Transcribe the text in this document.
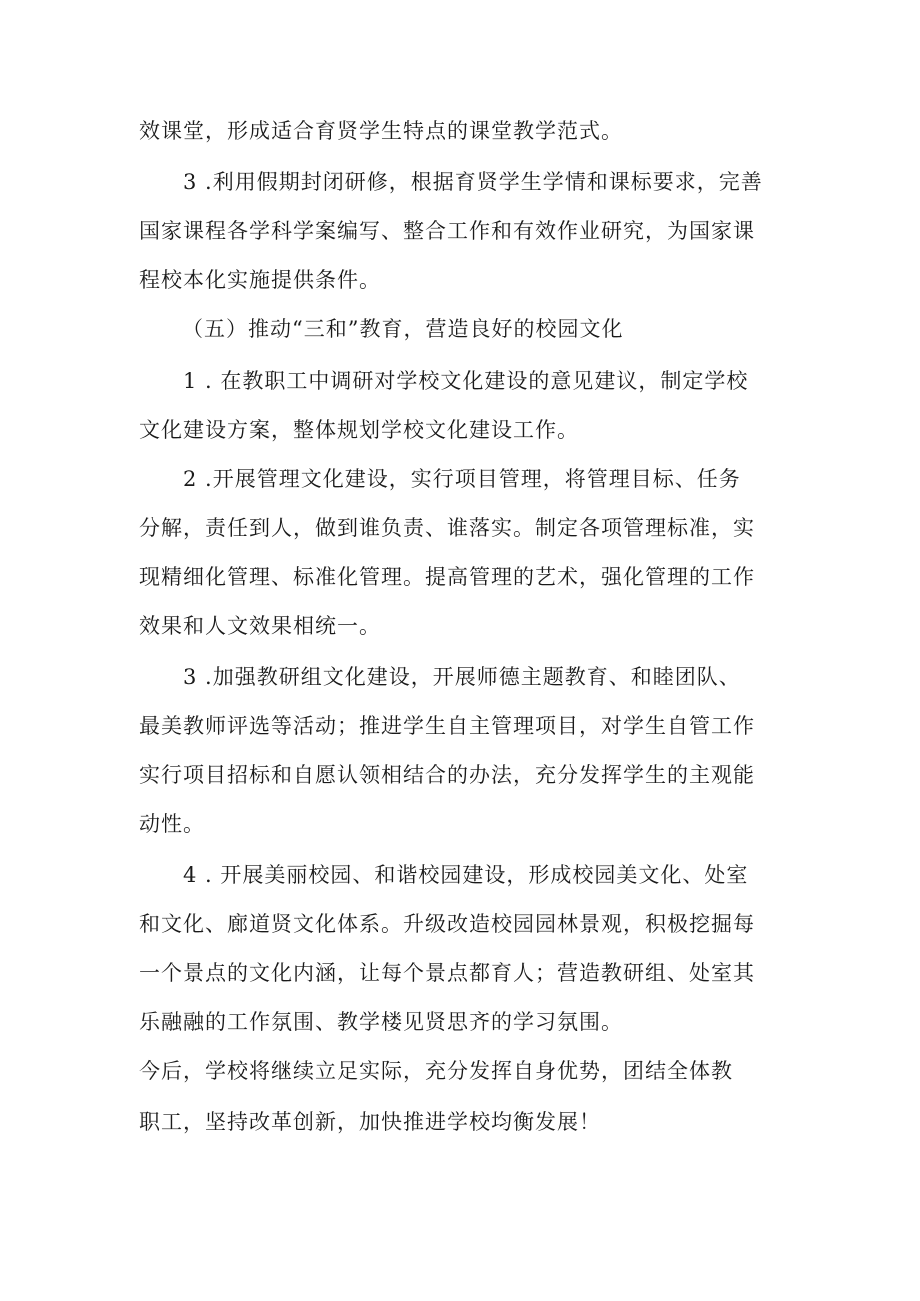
效课堂，形成适合育贤学生特点的课堂教学范式。
3 .利用假期封闭研修，根据育贤学生学情和课标要求，完善
国家课程各学科学案编写、整合工作和有效作业研究，为国家课
程校本化实施提供条件。
（五）推动“三和”教育，营造良好的校园文化
1 . 在教职工中调研对学校文化建设的意见建议，制定学校
文化建设方案，整体规划学校文化建设工作。
2 .开展管理文化建设，实行项目管理，将管理目标、任务
分解，责任到人，做到谁负责、谁落实。制定各项管理标准，实
现精细化管理、标准化管理。提高管理的艺术，强化管理的工作
效果和人文效果相统一。
3 .加强教研组文化建设，开展师德主题教育、和睦团队、
最美教师评选等活动；推进学生自主管理项目，对学生自管工作
实行项目招标和自愿认领相结合的办法，充分发挥学生的主观能
动性。
4 . 开展美丽校园、和谐校园建设，形成校园美文化、处室
和文化、廊道贤文化体系。升级改造校园园林景观，积极挖掘每
一个景点的文化内涵，让每个景点都育人；营造教研组、处室其
乐融融的工作氛围、教学楼见贤思齐的学习氛围。
今后，学校将继续立足实际，充分发挥自身优势，团结全体教
职工，坚持改革创新，加快推进学校均衡发展！
